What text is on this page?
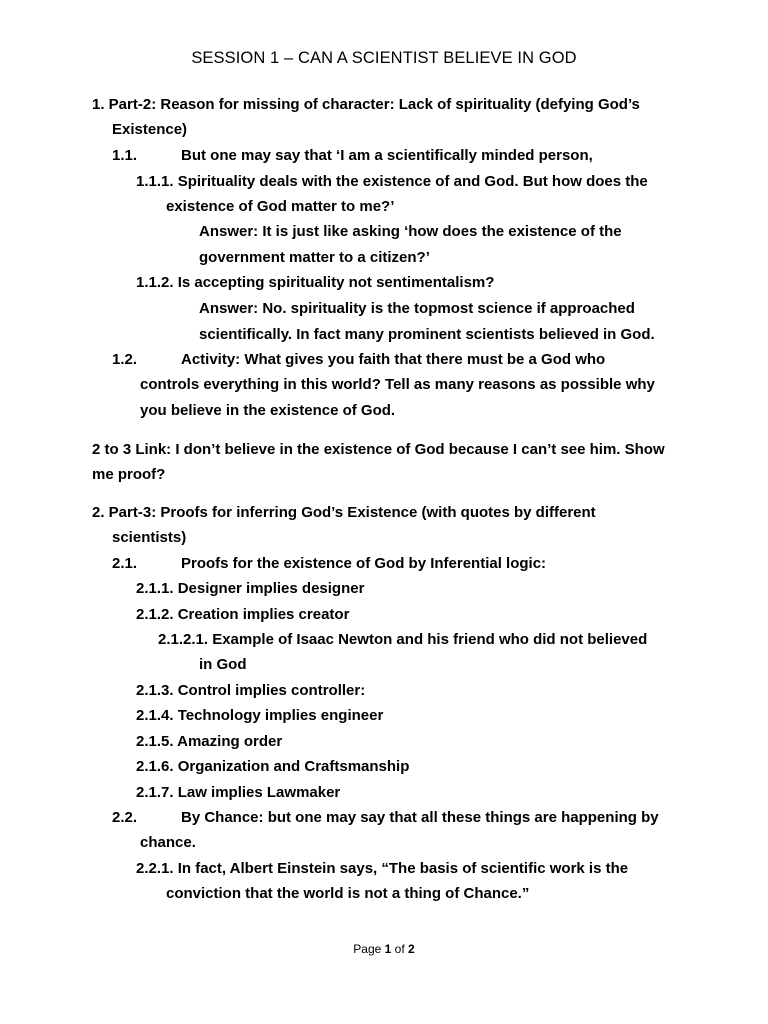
SESSION 1 – CAN A SCIENTIST BELIEVE IN GOD
1. Part-2: Reason for missing of character: Lack of spirituality (defying God’s
Existence)
1.1.	But one may say that ‘I am a scientifically minded person,
1.1.1. Spirituality deals with the existence of and God. But how does the
existence of God matter to me?’
Answer: It is just like asking ‘how does the existence of the
government matter to a citizen?’
1.1.2. Is accepting spirituality not sentimentalism?
Answer: No. spirituality is the topmost science if approached
scientifically. In fact many prominent scientists believed in God.
1.2.	Activity: What gives you faith that there must be a God who
controls everything in this world? Tell as many reasons as possible why
you believe in the existence of God.
2 to 3 Link: I don’t believe in the existence of God because I can’t see him. Show
me proof?
2. Part-3: Proofs for inferring God’s Existence (with quotes by different
scientists)
2.1.	Proofs for the existence of God by Inferential logic:
2.1.1. Designer implies designer
2.1.2. Creation implies creator
2.1.2.1. Example of Isaac Newton and his friend who did not believed
in God
2.1.3. Control implies controller:
2.1.4. Technology implies engineer
2.1.5. Amazing order
2.1.6. Organization and Craftsmanship
2.1.7. Law implies Lawmaker
2.2.	By Chance: but one may say that all these things are happening by
chance.
2.2.1. In fact, Albert Einstein says, “The basis of scientific work is the
conviction that the world is not a thing of Chance.”
Page 1 of 2
